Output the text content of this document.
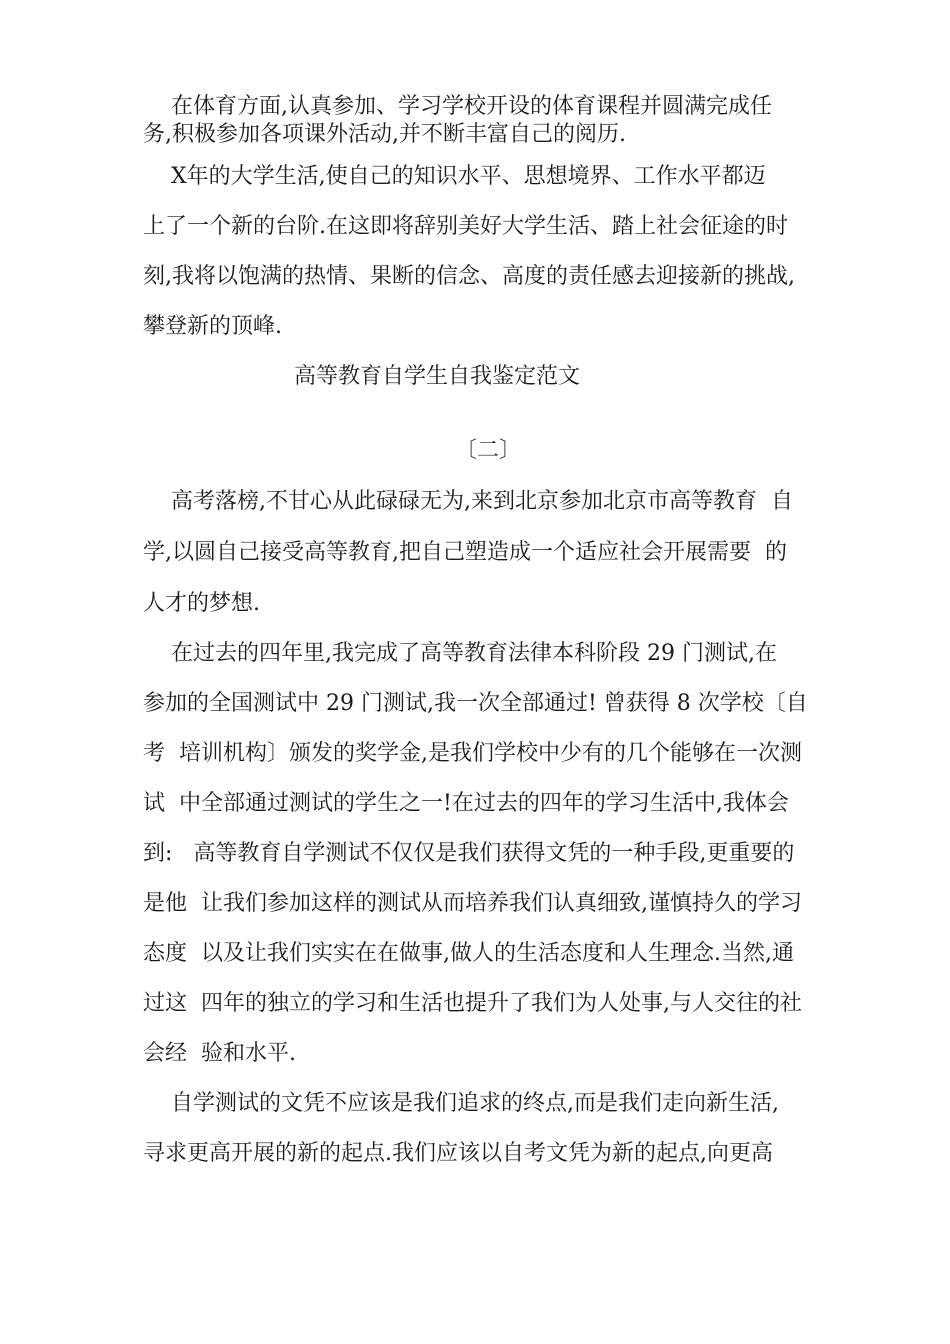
在体育方面,认真参加、学习学校开设的体育课程并圆满完成任
务,积极参加各项课外活动,并不断丰富自己的阅历.
X年的大学生活,使自己的知识水平、思想境界、工作水平都迈
上了一个新的台阶.在这即将辞别美好大学生活、踏上社会征途的时
刻,我将以饱满的热情、果断的信念、高度的责任感去迎接新的挑战,
攀登新的顶峰.
高等教育自学生自我鉴定范文
〔二〕
高考落榜,不甘心从此碌碌无为,来到北京参加北京市高等教育  自
学,以圆自己接受高等教育,把自己塑造成一个适应社会开展需要  的
人才的梦想.
在过去的四年里,我完成了高等教育法律本科阶段 29 门测试,在
参加的全国测试中 29 门测试,我一次全部通过! 曾获得 8 次学校〔自
考  培训机构〕颁发的奖学金,是我们学校中少有的几个能够在一次测
试  中全部通过测试的学生之一!在过去的四年的学习生活中,我体会
到:   高等教育自学测试不仅仅是我们获得文凭的一种手段,更重要的
是他  让我们参加这样的测试从而培养我们认真细致,谨慎持久的学习
态度  以及让我们实实在在做事,做人的生活态度和人生理念.当然,通
过这  四年的独立的学习和生活也提升了我们为人处事,与人交往的社
会经  验和水平.
自学测试的文凭不应该是我们追求的终点,而是我们走向新生活,
寻求更高开展的新的起点.我们应该以自考文凭为新的起点,向更高
